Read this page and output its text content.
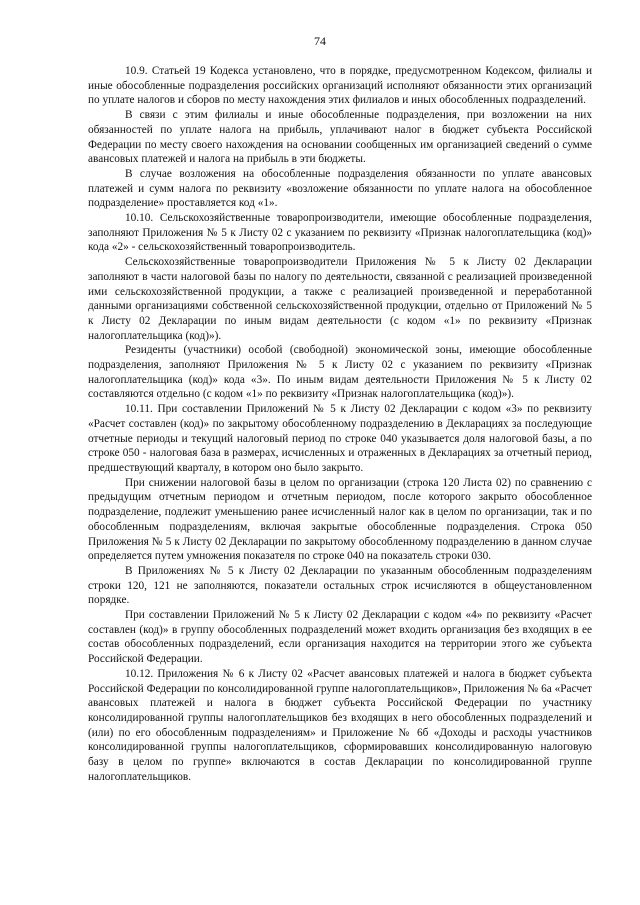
74

10.9. Статьей 19 Кодекса установлено, что в порядке, предусмотренном Кодексом, филиалы и иные обособленные подразделения российских организаций исполняют обязанности этих организаций по уплате налогов и сборов по месту нахождения этих филиалов и иных обособленных подразделений.

В связи с этим филиалы и иные обособленные подразделения, при возложении на них обязанностей по уплате налога на прибыль, уплачивают налог в бюджет субъекта Российской Федерации по месту своего нахождения на основании сообщенных им организацией сведений о сумме авансовых платежей и налога на прибыль в эти бюджеты.

В случае возложения на обособленные подразделения обязанности по уплате авансовых платежей и сумм налога по реквизиту «возложение обязанности по уплате налога на обособленное подразделение» проставляется код «1».

10.10. Сельскохозяйственные товаропроизводители, имеющие обособленные подразделения, заполняют Приложения № 5 к Листу 02 с указанием по реквизиту «Признак налогоплательщика (код)» кода «2» - сельскохозяйственный товаропроизводитель.

Сельскохозяйственные товаропроизводители Приложения № 5 к Листу 02 Декларации заполняют в части налоговой базы по налогу по деятельности, связанной с реализацией произведенной ими сельскохозяйственной продукции, а также с реализацией произведенной и переработанной данными организациями собственной сельскохозяйственной продукции, отдельно от Приложений № 5 к Листу 02 Декларации по иным видам деятельности (с кодом «1» по реквизиту «Признак налогоплательщика (код)»).

Резиденты (участники) особой (свободной) экономической зоны, имеющие обособленные подразделения, заполняют Приложения № 5 к Листу 02 с указанием по реквизиту «Признак налогоплательщика (код)» кода «3». По иным видам деятельности Приложения № 5 к Листу 02 составляются отдельно (с кодом «1» по реквизиту «Признак налогоплательщика (код)»).

10.11. При составлении Приложений № 5 к Листу 02 Декларации с кодом «3» по реквизиту «Расчет составлен (код)» по закрытому обособленному подразделению в Декларациях за последующие отчетные периоды и текущий налоговый период по строке 040 указывается доля налоговой базы, а по строке 050 - налоговая база в размерах, исчисленных и отраженных в Декларациях за отчетный период, предшествующий кварталу, в котором оно было закрыто.

При снижении налоговой базы в целом по организации (строка 120 Листа 02) по сравнению с предыдущим отчетным периодом и отчетным периодом, после которого закрыто обособленное подразделение, подлежит уменьшению ранее исчисленный налог как в целом по организации, так и по обособленным подразделениям, включая закрытые обособленные подразделения. Строка 050 Приложения № 5 к Листу 02 Декларации по закрытому обособленному подразделению в данном случае определяется путем умножения показателя по строке 040 на показатель строки 030.

В Приложениях № 5 к Листу 02 Декларации по указанным обособленным подразделениям строки 120, 121 не заполняются, показатели остальных строк исчисляются в общеустановленном порядке.

При составлении Приложений № 5 к Листу 02 Декларации с кодом «4» по реквизиту «Расчет составлен (код)» в группу обособленных подразделений может входить организация без входящих в ее состав обособленных подразделений, если организация находится на территории этого же субъекта Российской Федерации.

10.12. Приложения № 6 к Листу 02 «Расчет авансовых платежей и налога в бюджет субъекта Российской Федерации по консолидированной группе налогоплательщиков», Приложения № 6а «Расчет авансовых платежей и налога в бюджет субъекта Российской Федерации по участнику консолидированной группы налогоплательщиков без входящих в него обособленных подразделений и (или) по его обособленным подразделениям» и Приложение № 6б «Доходы и расходы участников консолидированной группы налогоплательщиков, сформировавших консолидированную налоговую базу в целом по группе» включаются в состав Декларации по консолидированной группе налогоплательщиков.
